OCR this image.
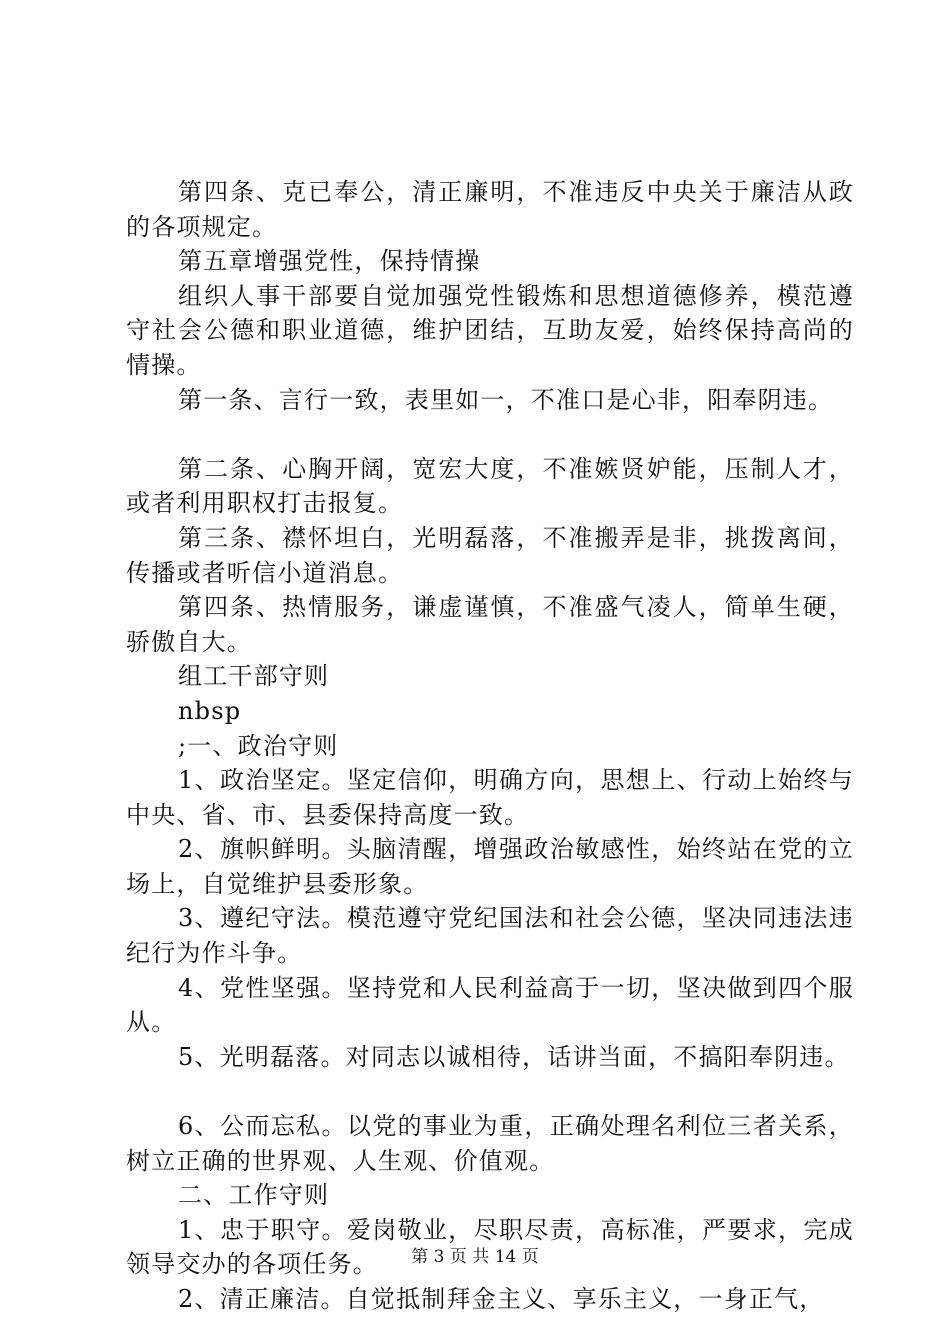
第四条、克已奉公，清正廉明，不准违反中央关于廉洁从政的各项规定。

第五章增强党性，保持情操

组织人事干部要自觉加强党性锻炼和思想道德修养，模范遵守社会公德和职业道德，维护团结，互助友爱，始终保持高尚的情操。

第一条、言行一致，表里如一，不准口是心非，阳奉阴违。

第二条、心胸开阔，宽宏大度，不准嫉贤妒能，压制人才，或者利用职权打击报复。

第三条、襟怀坦白，光明磊落，不准搬弄是非，挑拨离间，传播或者听信小道消息。

第四条、热情服务，谦虚谨慎，不准盛气凌人，简单生硬，骄傲自大。

组工干部守则

nbsp

;一、政治守则

1、政治坚定。坚定信仰，明确方向，思想上、行动上始终与中央、省、市、县委保持高度一致。

2、旗帜鲜明。头脑清醒，增强政治敏感性，始终站在党的立场上，自觉维护县委形象。

3、遵纪守法。模范遵守党纪国法和社会公德，坚决同违法违纪行为作斗争。

4、党性坚强。坚持党和人民利益高于一切，坚决做到四个服从。

5、光明磊落。对同志以诚相待，话讲当面，不搞阳奉阴违。

6、公而忘私。以党的事业为重，正确处理名利位三者关系，树立正确的世界观、人生观、价值观。

二、工作守则

1、忠于职守。爱岗敬业，尽职尽责，高标准，严要求，完成领导交办的各项任务。

2、清正廉洁。自觉抵制拜金主义、享乐主义，一身正气，

第 3 页 共 14 页
